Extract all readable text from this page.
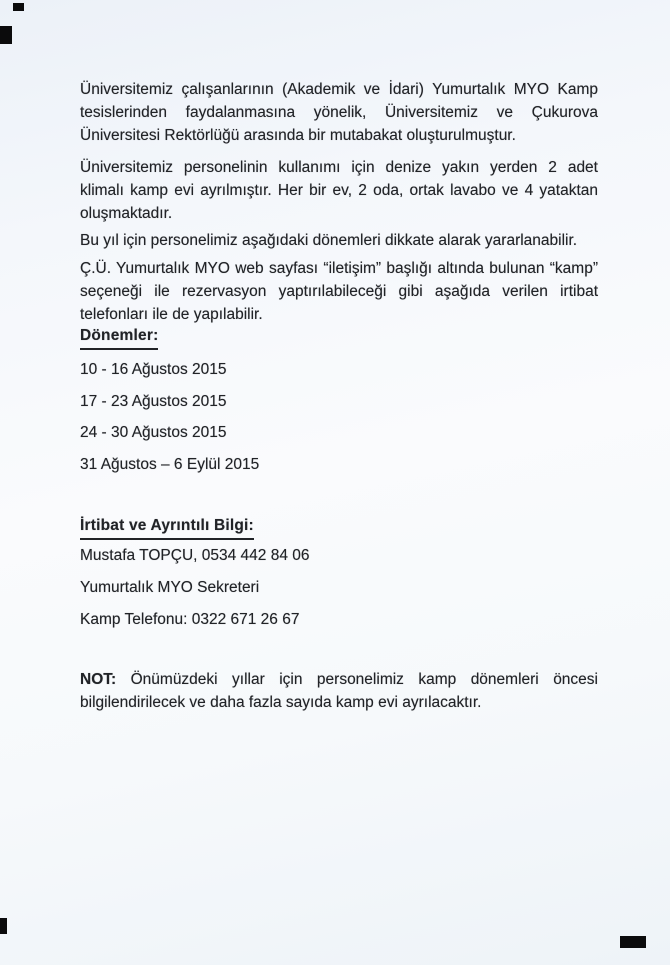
Üniversitemiz çalışanlarının (Akademik ve İdari) Yumurtalık MYO Kamp
tesislerinden faydalanmasına yönelik, Üniversitemiz ve Çukurova
Üniversitesi Rektörlüğü arasında bir mutabakat oluşturulmuştur.
Üniversitemiz personelinin kullanımı için denize yakın yerden 2 adet
klimalı kamp evi ayrılmıştır. Her bir ev, 2 oda, ortak lavabo ve 4 yataktan
oluşmaktadır.
Bu yıl için personelimiz aşağıdaki dönemleri dikkate alarak yararlanabilir.
Ç.Ü. Yumurtalık MYO web sayfası “iletişim” başlığı altında bulunan “kamp”
seçeneği ile rezervasyon yaptırılabileceği gibi aşağıda verilen irtibat
telefonları ile de yapılabilir.
Dönemler:
10 - 16 Ağustos 2015
17 - 23 Ağustos 2015
24 - 30 Ağustos 2015
31 Ağustos – 6 Eylül 2015
İrtibat ve Ayrıntılı Bilgi:
Mustafa TOPÇU, 0534 442 84 06
Yumurtalık MYO Sekreteri
Kamp Telefonu: 0322 671 26 67
NOT: Önümüzdeki yıllar için personelimiz kamp dönemleri öncesi
bilgilendirilecek ve daha fazla sayıda kamp evi ayrılacaktır.
